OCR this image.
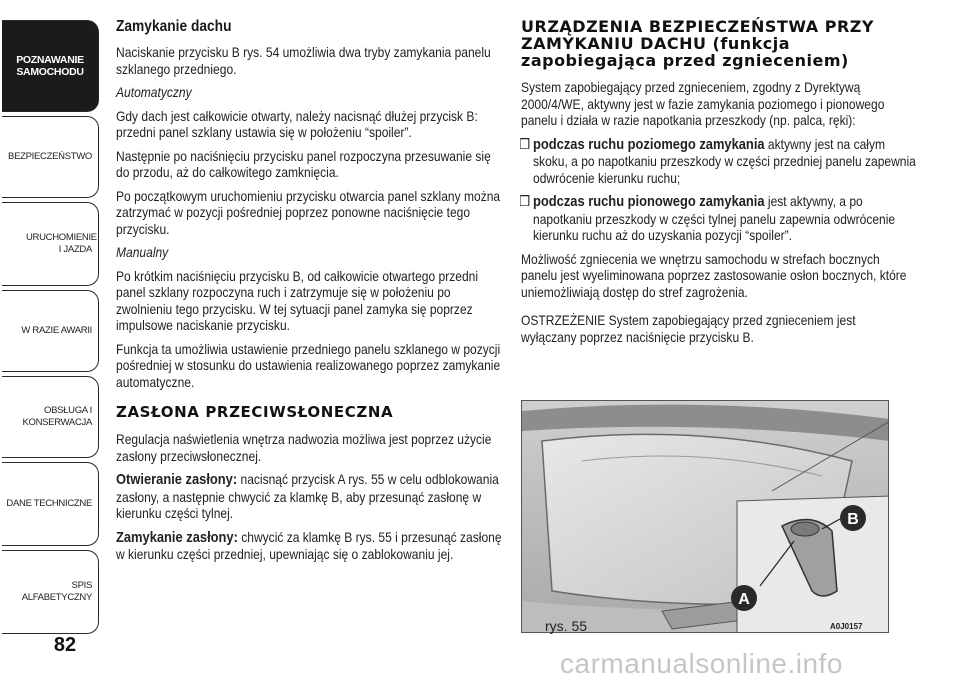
POZNAWANIE SAMOCHODU
BEZPIECZEŃSTWO
URUCHOMIENIE I JAZDA
W RAZIE AWARII
OBSŁUGA I KONSERWACJA
DANE TECHNICZNE
SPIS ALFABETYCZNY
82
Zamykanie dachu

Naciskanie przycisku B rys. 54 umożliwia dwa tryby zamykania panelu szklanego przedniego.

Automatyczny

Gdy dach jest całkowicie otwarty, należy nacisnąć dłużej przycisk B: przedni panel szklany ustawia się w położeniu “spoiler”.

Następnie po naciśnięciu przycisku panel rozpoczyna przesuwanie się do przodu, aż do całkowitego zamknięcia.

Po początkowym uruchomieniu przycisku otwarcia panel szklany można zatrzymać w pozycji pośredniej poprzez ponowne naciśnięcie tego przycisku.

Manualny

Po krótkim naciśnięciu przycisku B, od całkowicie otwartego przedni panel szklany rozpoczyna ruch i zatrzymuje się w położeniu po zwolnieniu tego przycisku. W tej sytuacji panel zamyka się poprzez impulsowe naciskanie przycisku.

Funkcja ta umożliwia ustawienie przedniego panelu szklanego w pozycji pośredniej w stosunku do ustawienia realizowanego poprzez zamykanie automatyczne.

ZASŁONA PRZECIWSŁONECZNA

Regulacja naświetlenia wnętrza nadwozia możliwa jest poprzez użycie zasłony przeciwsłonecznej.

Otwieranie zasłony: nacisnąć przycisk A rys. 55 w celu odblokowania zasłony, a następnie chwycić za klamkę B, aby przesunąć zasłonę w kierunku części tylnej.

Zamykanie zasłony: chwycić za klamkę B rys. 55 i przesunąć zasłonę w kierunku części przedniej, upewniając się o zablokowaniu jej.

URZĄDZENIA BEZPIECZEŃSTWA PRZY ZAMYKANIU DACHU (funkcja zapobiegająca przed zgnieceniem)

System zapobiegający przed zgnieceniem, zgodny z Dyrektywą 2000/4/WE, aktywny jest w fazie zamykania poziomego i pionowego panelu i działa w razie napotkania przeszkody (np. palca, ręki):

❒ podczas ruchu poziomego zamykania aktywny jest na całym skoku, a po napotkaniu przeszkody w części przedniej panelu zapewnia odwrócenie kierunku ruchu;

❒ podczas ruchu pionowego zamykania jest aktywny, a po napotkaniu przeszkody w części tylnej panelu zapewnia odwrócenie kierunku ruchu aż do uzyskania pozycji “spoiler”.

Możliwość zgniecenia we wnętrzu samochodu w strefach bocznych panelu jest wyeliminowana poprzez zastosowanie osłon bocznych, które uniemożliwiają dostęp do stref zagrożenia.

OSTRZEŻENIE System zapobiegający przed zgnieceniem jest wyłączany poprzez naciśnięcie przycisku B.

A
B
rys. 55	A0J0157
carmanualsonline.info
